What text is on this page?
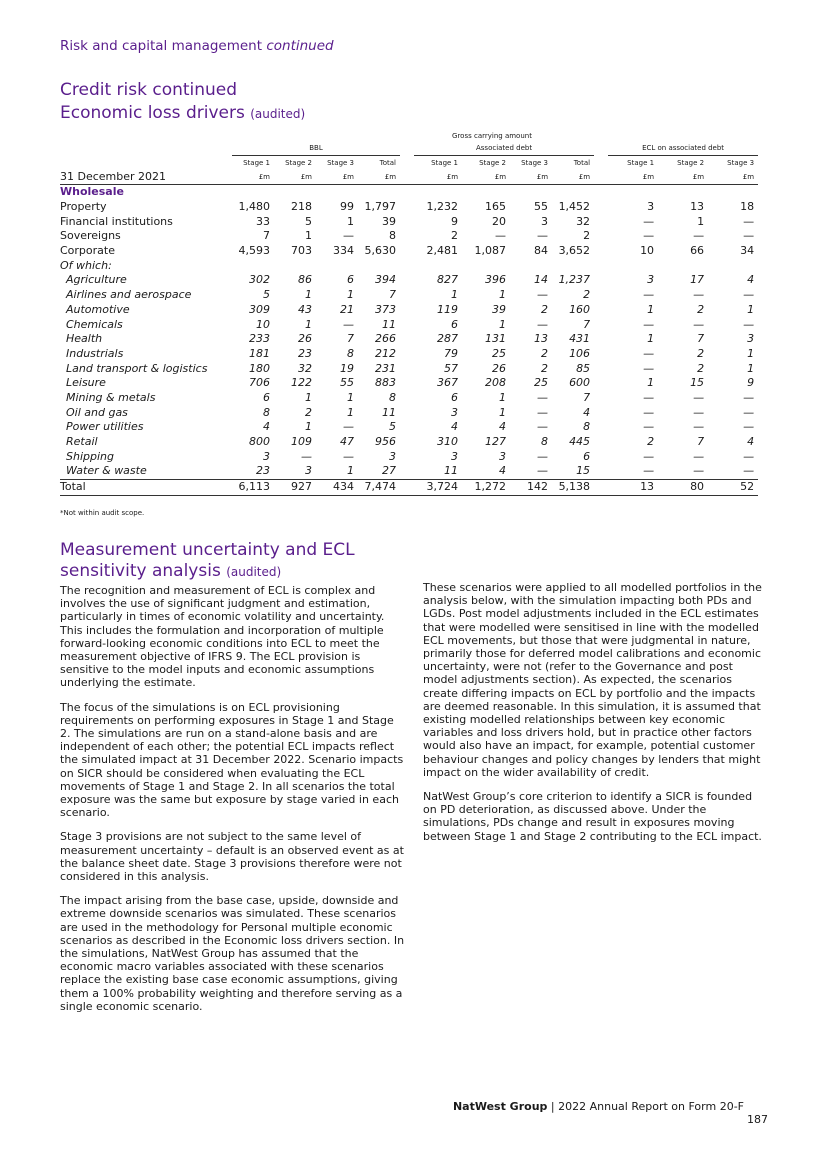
Risk and capital management continued
Credit risk continued
Economic loss drivers (audited)
Gross carrying amount
	BBL					Associated debt					ECL on associated debt		
	Stage 1	Stage 2	Stage 3	Total		Stage 1	Stage 2	Stage 3	Total		Stage 1	Stage 2	Stage 3
31 December 2021	£m	£m	£m	£m		£m	£m	£m	£m		£m	£m	£m
Wholesale													
Property	1,480	218	99	1,797		1,232	165	55	1,452		3	13	18
Financial institutions	33	5	1	39		9	20	3	32		—	1	—
Sovereigns	7	1	—	8		2	—	—	2		—	—	—
Corporate	4,593	703	334	5,630		2,481	1,087	84	3,652		10	66	34
Of which:													
Agriculture	302	86	6	394		827	396	14	1,237		3	17	4
Airlines and aerospace	5	1	1	7		1	1	—	2		—	—	—
Automotive	309	43	21	373		119	39	2	160		1	2	1
Chemicals	10	1	—	11		6	1	—	7		—	—	—
Health	233	26	7	266		287	131	13	431		1	7	3
Industrials	181	23	8	212		79	25	2	106		—	2	1
Land transport & logistics	180	32	19	231		57	26	2	85		—	2	1
Leisure	706	122	55	883		367	208	25	600		1	15	9
Mining & metals	6	1	1	8		6	1	—	7		—	—	—
Oil and gas	8	2	1	11		3	1	—	4		—	—	—
Power utilities	4	1	—	5		4	4	—	8		—	—	—
Retail	800	109	47	956		310	127	8	445		2	7	4
Shipping	3	—	—	3		3	3	—	6		—	—	—
Water & waste	23	3	1	27		11	4	—	15		—	—	—
Total	6,113	927	434	7,474		3,724	1,272	142	5,138		13	80	52
*Not within audit scope.
Measurement uncertainty and ECL sensitivity analysis (audited)

The recognition and measurement of ECL is complex and involves the use of significant judgment and estimation, particularly in times of economic volatility and uncertainty. This includes the formulation and incorporation of multiple forward-looking economic conditions into ECL to meet the measurement objective of IFRS 9. The ECL provision is sensitive to the model inputs and economic assumptions underlying the estimate.

The focus of the simulations is on ECL provisioning requirements on performing exposures in Stage 1 and Stage 2. The simulations are run on a stand-alone basis and are independent of each other; the potential ECL impacts reflect the simulated impact at 31 December 2022. Scenario impacts on SICR should be considered when evaluating the ECL movements of Stage 1 and Stage 2. In all scenarios the total exposure was the same but exposure by stage varied in each scenario.

Stage 3 provisions are not subject to the same level of measurement uncertainty – default is an observed event as at the balance sheet date. Stage 3 provisions therefore were not considered in this analysis.

The impact arising from the base case, upside, downside and extreme downside scenarios was simulated. These scenarios are used in the methodology for Personal multiple economic scenarios as described in the Economic loss drivers section. In the simulations, NatWest Group has assumed that the economic macro variables associated with these scenarios replace the existing base case economic assumptions, giving them a 100% probability weighting and therefore serving as a single economic scenario.

These scenarios were applied to all modelled portfolios in the analysis below, with the simulation impacting both PDs and LGDs. Post model adjustments included in the ECL estimates that were modelled were sensitised in line with the modelled ECL movements, but those that were judgmental in nature, primarily those for deferred model calibrations and economic uncertainty, were not (refer to the Governance and post model adjustments section). As expected, the scenarios create differing impacts on ECL by portfolio and the impacts are deemed reasonable. In this simulation, it is assumed that existing modelled relationships between key economic variables and loss drivers hold, but in practice other factors would also have an impact, for example, potential customer behaviour changes and policy changes by lenders that might impact on the wider availability of credit.

NatWest Group’s core criterion to identify a SICR is founded on PD deterioration, as discussed above. Under the simulations, PDs change and result in exposures moving between Stage 1 and Stage 2 contributing to the ECL impact.

NatWest Group | 2022 Annual Report on Form 20-F187
